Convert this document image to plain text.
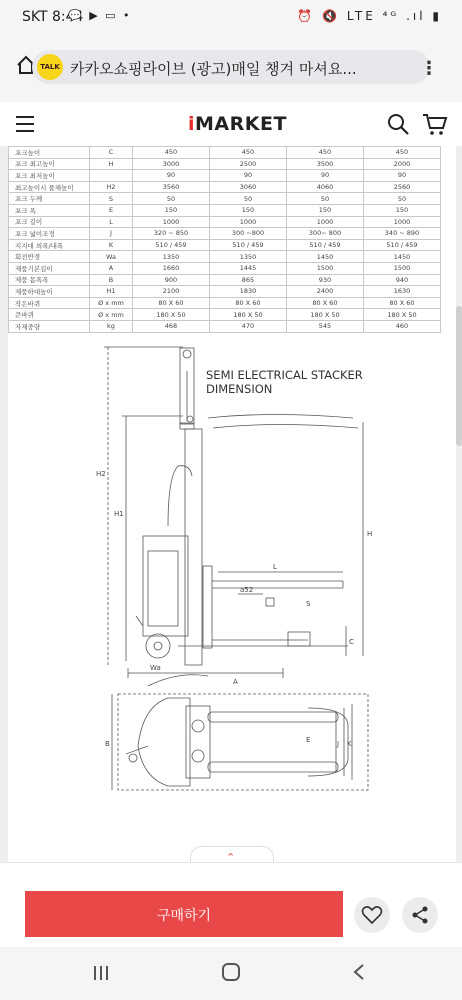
SKT 8:44
💬 ▶ ▭ •	⏰ 🔇 LTE ⁴ᴳ .ıl ▮
TALK 카카오쇼핑라이브 (광고)매일 챙겨 마셔요...	⋮
iMARKET
포크높이	C	450	450	450	450
포크 최고높이	H	3000	2500	3500	2000
포크 최저높이		90	90	90	90
최고높이시 풀체높이	H2	3560	3060	4060	2560
포크 두께	S	50	50	50	50
포크 폭	E	150	150	150	150
포크 길이	L	1000	1000	1000	1000
포크 넓이조정	J	320 ~ 850	300 ~800	300~ 800	340 ~ 890
지지대 외폭/내폭	K	510 / 459	510 / 459	510 / 459	510 / 459
회전반경	Wa	1350	1350	1450	1450
제품기본길이	A	1660	1445	1500	1500
제품 몸폭폭	B	900	865	930	940
제품하대높이	H1	2100	1830	2400	1630
작은바퀴	Ø x mm	80 X 60	80 X 60	80 X 60	80 X 60
큰바퀴	Ø x mm	180 X 50	180 X 50	180 X 50	180 X 50
자체중량	kg	468	470	545	460
H2
H1
H
L
a52
S
C
A
Wa
B	E	J K
SEMI ELECTRICAL STACKER
DIMENSION
⌃
구매하기
